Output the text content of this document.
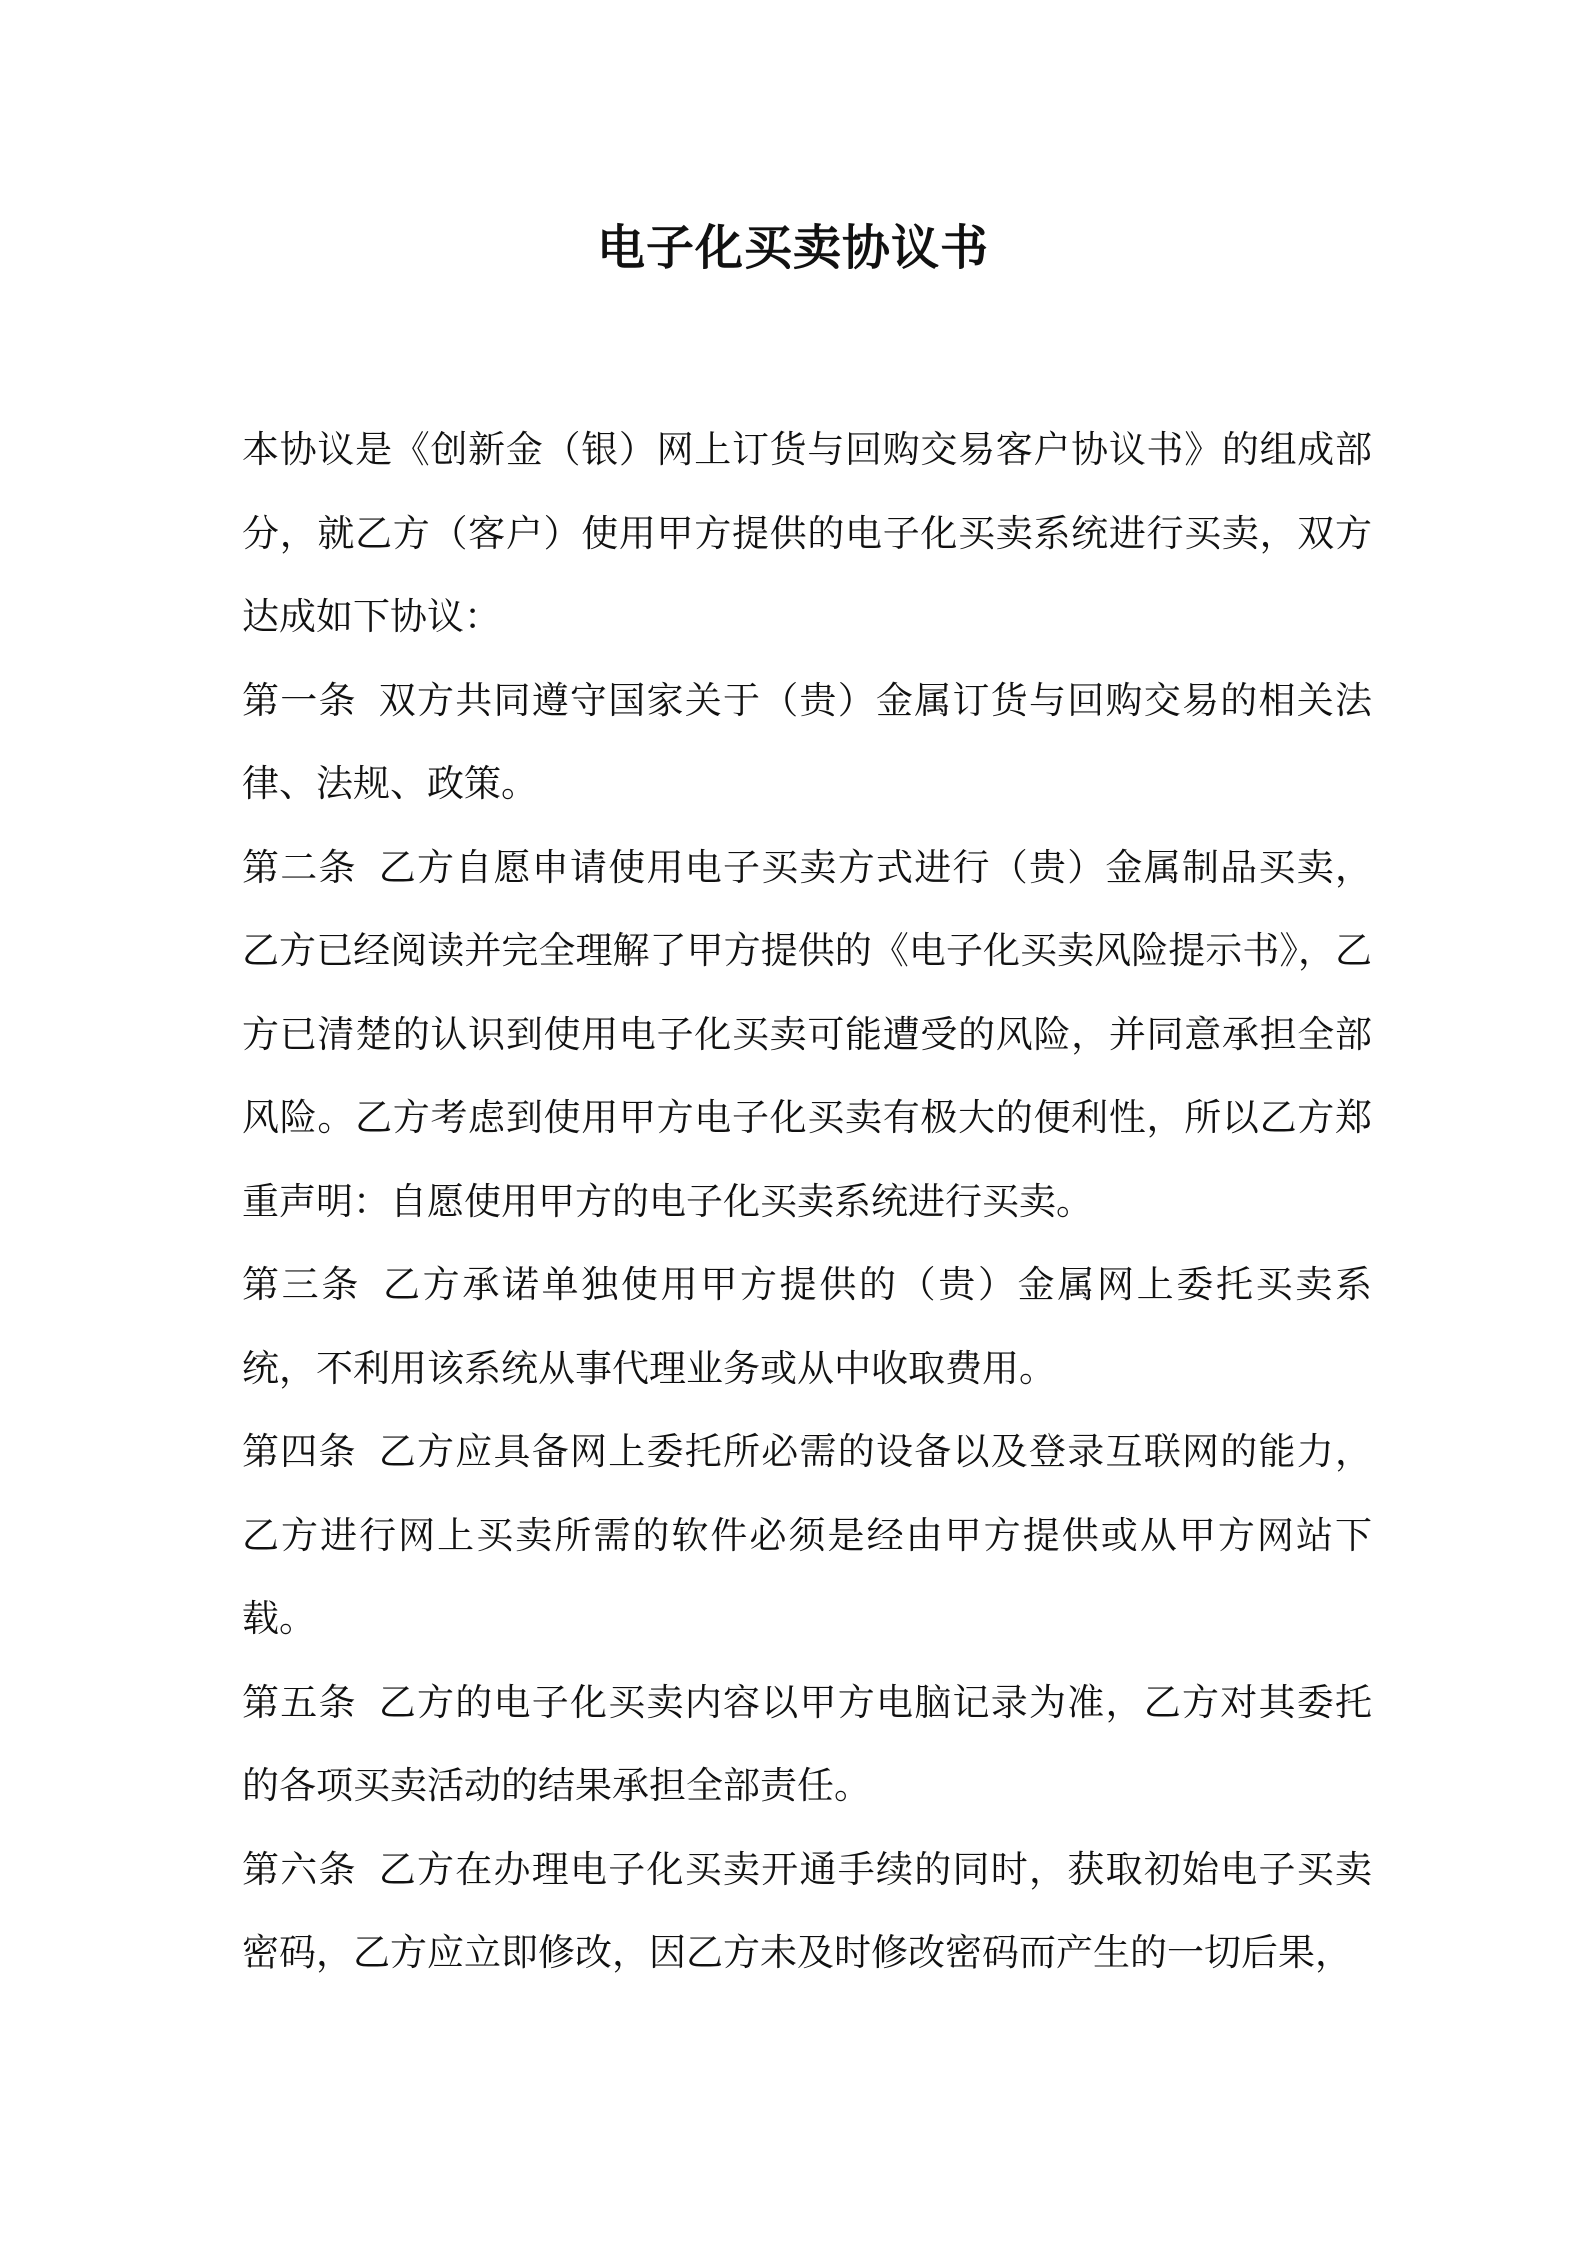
电子化买卖协议书

本协议是《创新金（银）网上订货与回购交易客户协议书》的组成部分，就乙方（客户）使用甲方提供的电子化买卖系统进行买卖，双方达成如下协议：

第一条 双方共同遵守国家关于（贵）金属订货与回购交易的相关法律、法规、政策。

第二条 乙方自愿申请使用电子买卖方式进行（贵）金属制品买卖，乙方已经阅读并完全理解了甲方提供的《电子化买卖风险提示书》，乙方已清楚的认识到使用电子化买卖可能遭受的风险，并同意承担全部风险。乙方考虑到使用甲方电子化买卖有极大的便利性，所以乙方郑重声明：自愿使用甲方的电子化买卖系统进行买卖。

第三条 乙方承诺单独使用甲方提供的（贵）金属网上委托买卖系统，不利用该系统从事代理业务或从中收取费用。

第四条 乙方应具备网上委托所必需的设备以及登录互联网的能力，乙方进行网上买卖所需的软件必须是经由甲方提供或从甲方网站下载。

第五条 乙方的电子化买卖内容以甲方电脑记录为准，乙方对其委托的各项买卖活动的结果承担全部责任。

第六条 乙方在办理电子化买卖开通手续的同时，获取初始电子买卖密码，乙方应立即修改，因乙方未及时修改密码而产生的一切后果，
